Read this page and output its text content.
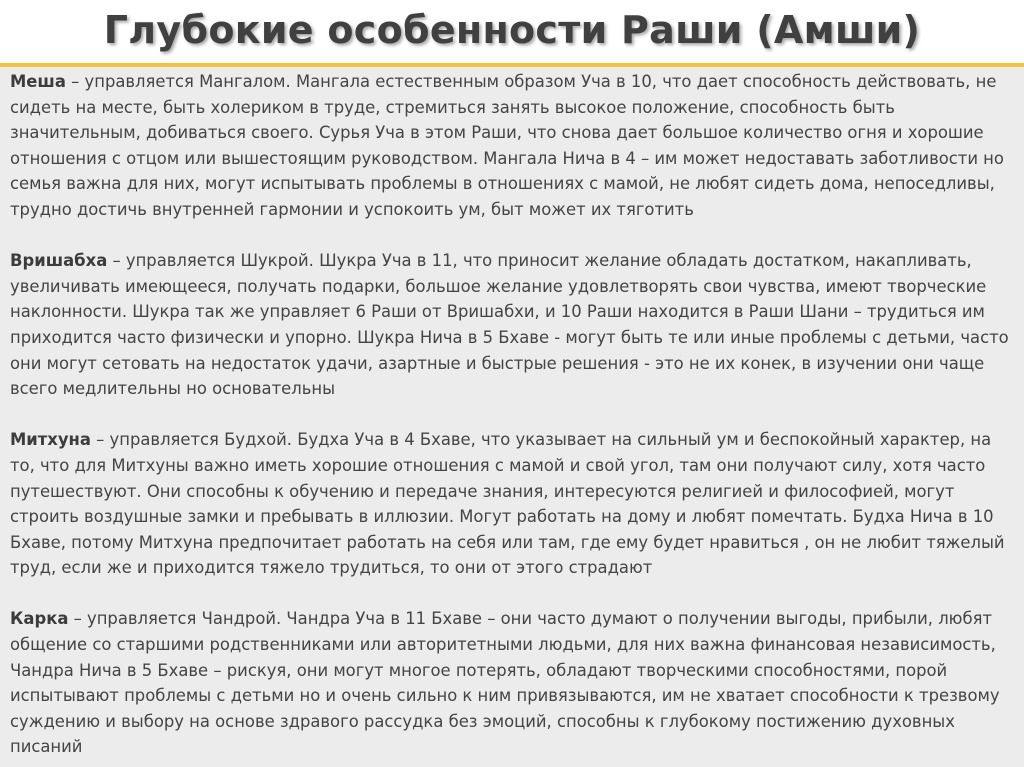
Глубокие особенности Раши (Амши)

Меша – управляется Мангалом. Мангала естественным образом Уча в 10, что дает способность действовать, не сидеть на месте, быть холериком в труде, стремиться занять высокое положение, способность быть значительным, добиваться своего. Сурья Уча в этом Раши, что снова дает большое количество огня и хорошие отношения с отцом или вышестоящим руководством. Мангала Нича в 4 – им может недоставать заботливости но семья важна для них, могут испытывать проблемы в отношениях с мамой, не любят сидеть дома, непоседливы, трудно достичь внутренней гармонии и успокоить ум, быт может их тяготить

Вришабха – управляется Шукрой. Шукра Уча в 11, что приносит желание обладать достатком, накапливать, увеличивать имеющееся, получать подарки, большое желание удовлетворять свои чувства, имеют творческие наклонности. Шукра так же управляет 6 Раши от Вришабхи, и 10 Раши находится в Раши Шани – трудиться им приходится часто физически и упорно. Шукра Нича в 5 Бхаве - могут быть те или иные проблемы с детьми, часто они могут сетовать на недостаток удачи, азартные и быстрые решения - это не их конек, в изучении они чаще всего медлительны но основательны

Митхуна – управляется Будхой. Будха Уча в 4 Бхаве, что указывает на сильный ум и беспокойный характер, на то, что для Митхуны важно иметь хорошие отношения с мамой и свой угол, там они получают силу, хотя часто путешествуют. Они способны к обучению и передаче знания, интересуются религией и философией, могут строить воздушные замки и пребывать в иллюзии. Могут работать на дому и любят помечтать. Будха Нича в 10 Бхаве, потому Митхуна предпочитает работать на себя или там, где ему будет нравиться , он не любит тяжелый труд, если же и приходится тяжело трудиться, то они от этого страдают

Карка – управляется Чандрой. Чандра Уча в 11 Бхаве – они часто думают о получении выгоды, прибыли, любят общение со старшими родственниками или авторитетными людьми, для них важна финансовая независимость, Чандра Нича в 5 Бхаве – рискуя, они могут многое потерять, обладают творческими способностями, порой испытывают проблемы с детьми но и очень сильно к ним привязываются, им не хватает способности к трезвому суждению и выбору на основе здравого рассудка без эмоций, способны к глубокому постижению духовных писаний
